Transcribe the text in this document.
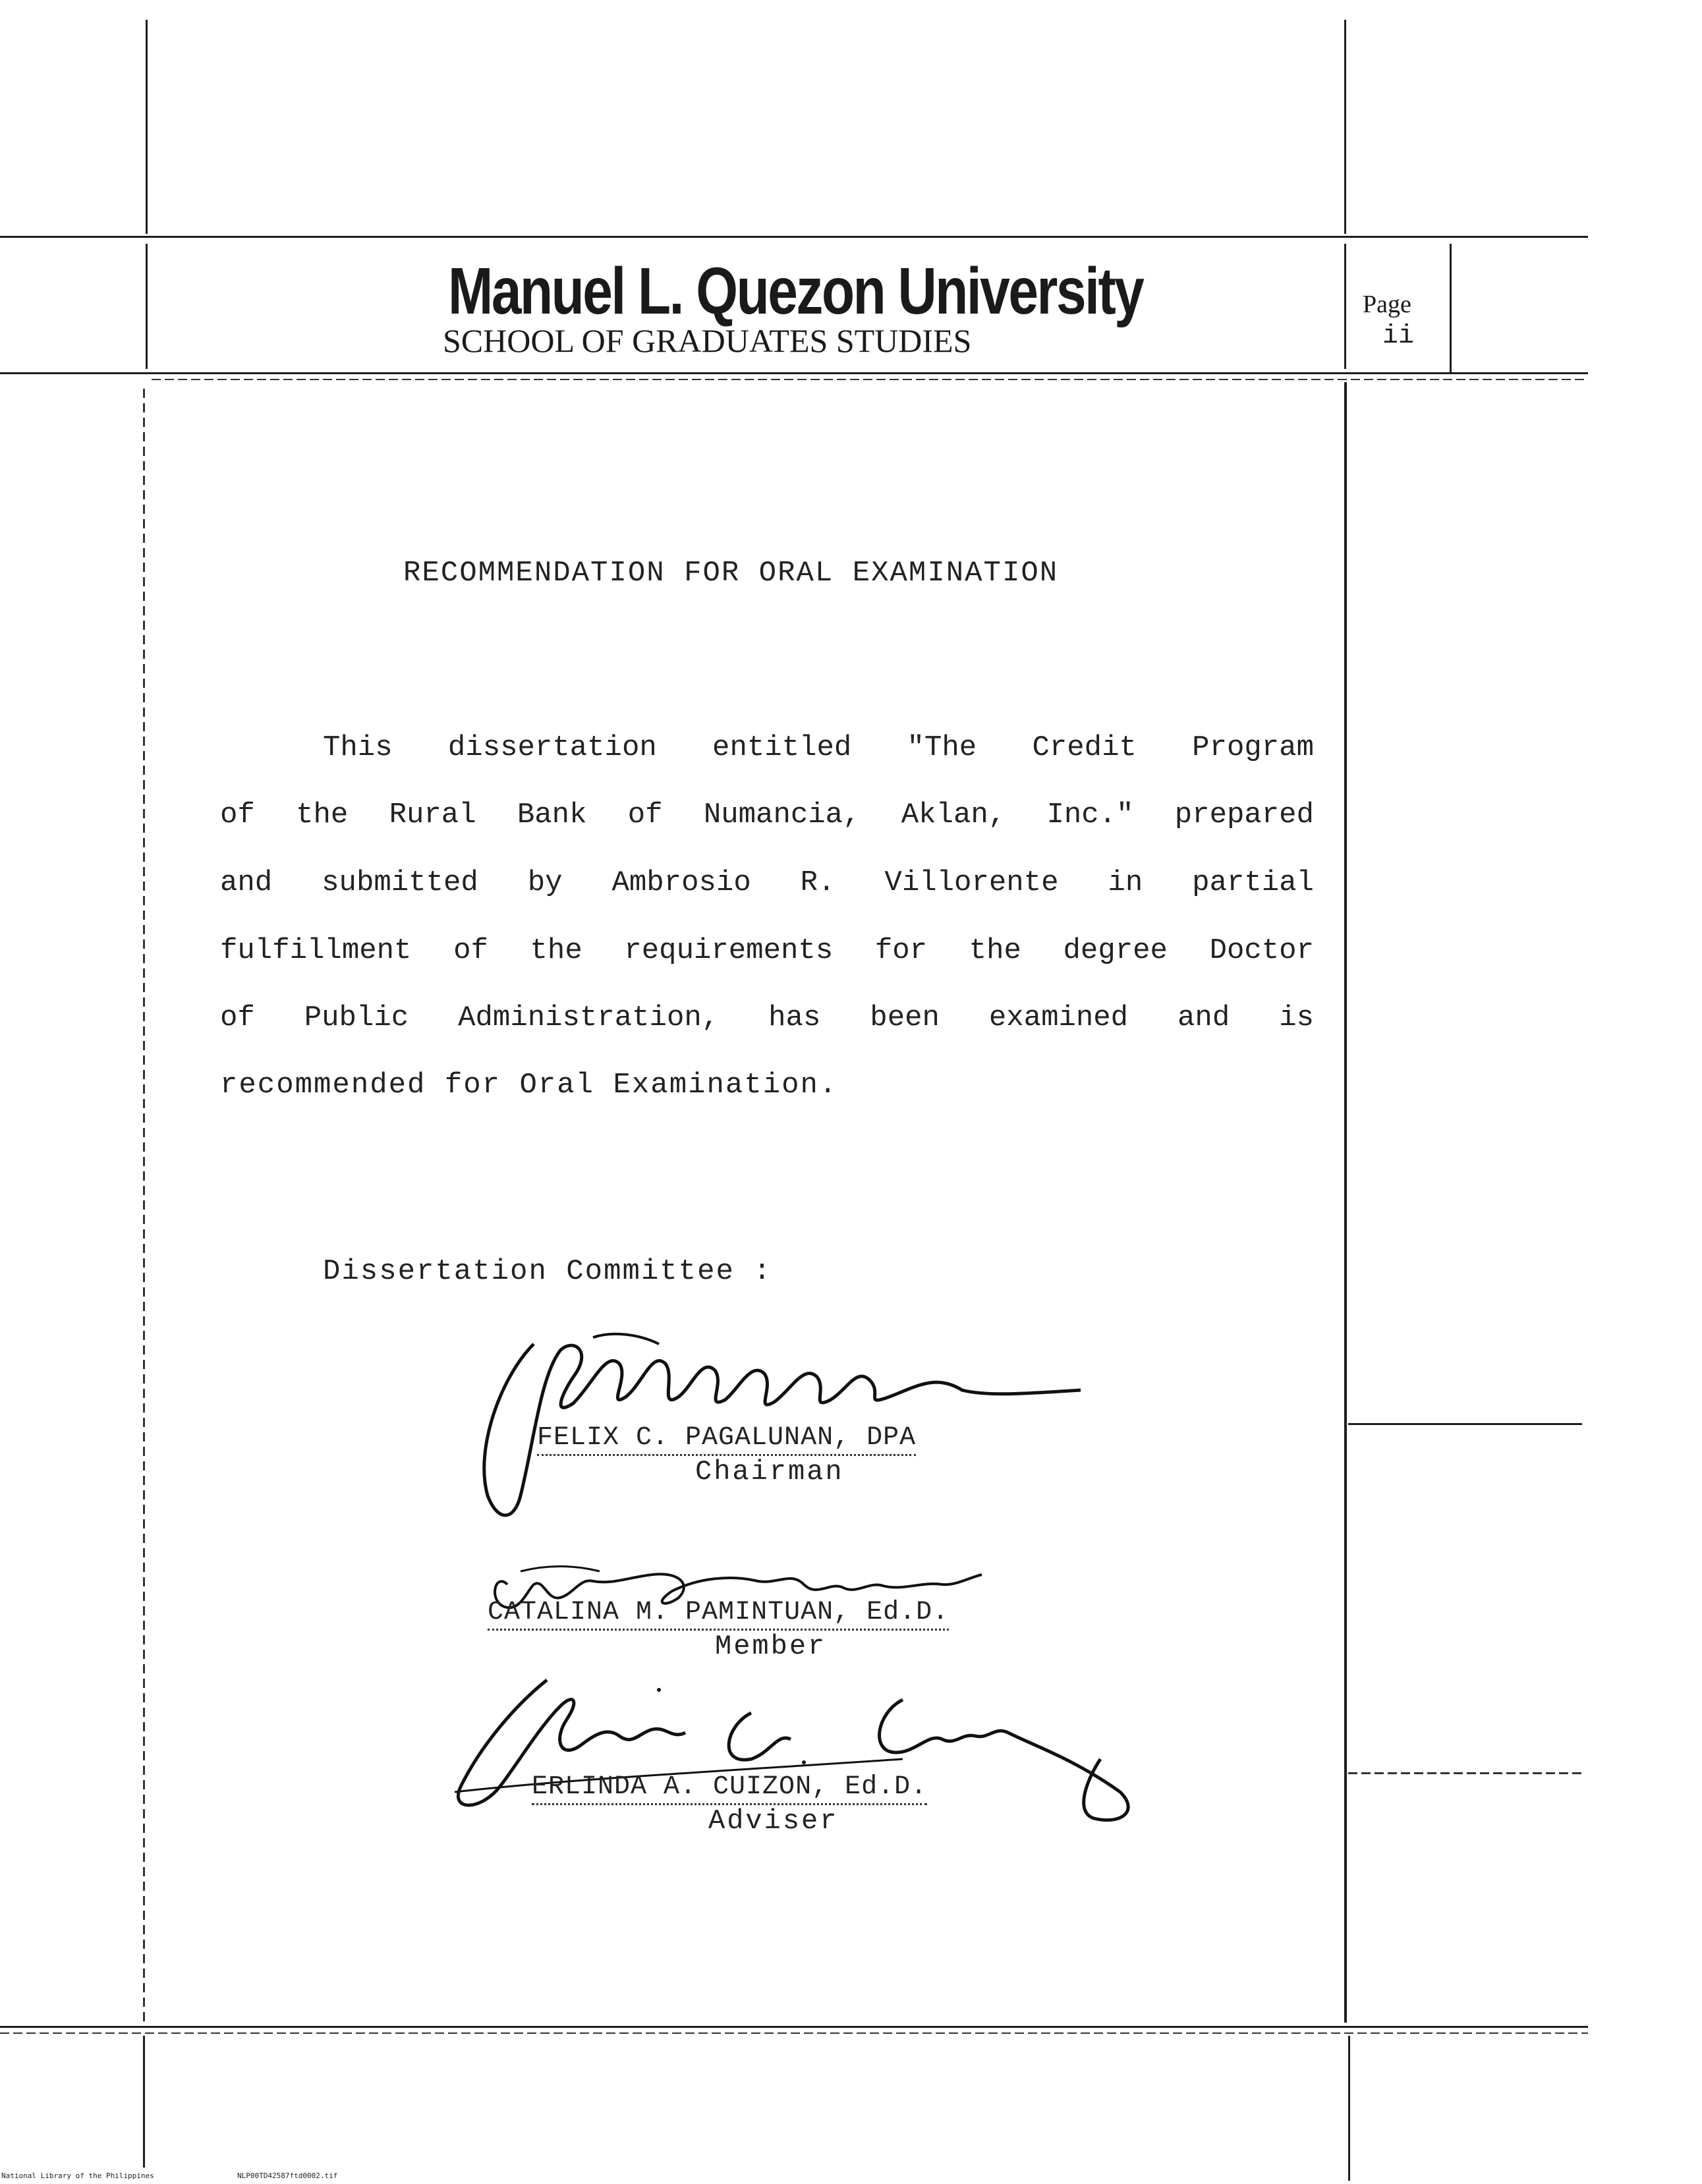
Manuel L. Quezon University
SCHOOL OF GRADUATES STUDIES
Page
ii
RECOMMENDATION FOR ORAL EXAMINATION
This dissertation entitled "The Credit Program
of the Rural Bank of Numancia, Aklan, Inc." prepared
and submitted by Ambrosio R. Villorente in partial
fulfillment of the requirements for the degree Doctor
of Public Administration, has been examined and is
recommended for Oral Examination.
Dissertation Committee :
FELIX C. PAGALUNAN, DPA
Chairman
CATALINA M. PAMINTUAN, Ed.D.
Member
ERLINDA A. CUIZON, Ed.D.
Adviser
National Library of the Philippines	NLP00TD42587ftd0002.tif
